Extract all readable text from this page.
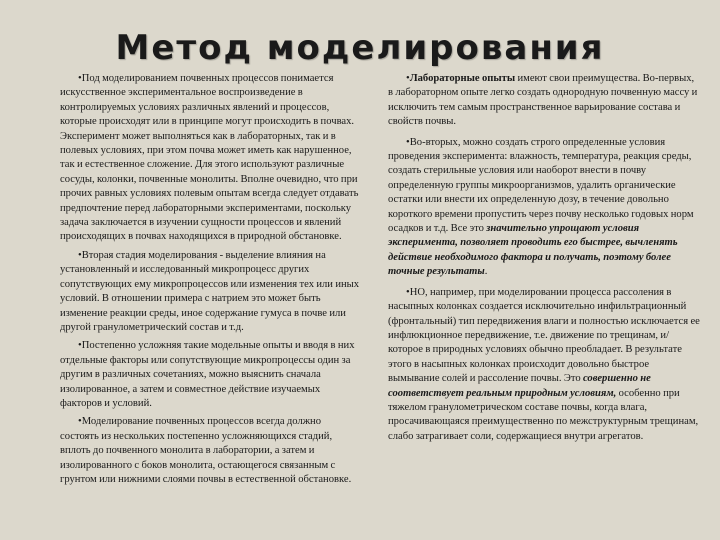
Метод моделирования

•Под моделированием почвенных процессов понимается искусственное экспериментальное воспроизведение в контролируемых условиях различных явлений и процессов, которые происходят или в принципе могут происходить в почвах. Эксперимент может выполняться как в лабораторных, так и в полевых условиях, при этом почва может иметь как нарушенное, так и естественное сложение. Для этого используют различные сосуды, колонки, почвенные монолиты. Вполне очевидно, что при прочих равных условиях полевым опытам всегда следует отдавать предпочтение перед лабораторными экспериментами, поскольку задача заключается в изучении сущности процессов и явлений происходящих в почвах находящихся в природной обстановке.

•Вторая стадия моделирования - выделение влияния на установленный и исследованный микропроцесс других сопутствующих ему микропроцессов или изменения тех или иных условий. В отношении примера с натрием это может быть изменение реакции среды, иное содержание гумуса в почве или другой гранулометрический состав и т.д.

•Постепенно усложняя такие модельные опыты и вводя в них отдельные факторы или сопутствующие микропроцессы один за другим в различных сочетаниях, можно выяснить сначала изолированное, а затем и совместное действие изучаемых факторов и условий.

•Моделирование почвенных процессов всегда должно состоять из нескольких постепенно усложняющихся стадий, вплоть до почвенного монолита в лаборатории, а затем и изолированного с боков монолита, остающегося связанным с грунтом или нижними слоями почвы в естественной обстановке.

•Лабораторные опыты имеют свои преимущества. Во-первых, в лабораторном опыте легко создать однородную почвенную массу и исключить тем самым пространственное варьирование состава и свойств почвы.

•Во-вторых, можно создать строго определенные условия проведения эксперимента: влажность, температура, реакция среды, создать стерильные условия или наоборот внести в почву определенную группы микроорганизмов, удалить органические остатки или внести их определенную дозу, в течение довольно короткого времени пропустить через почву несколько годовых норм осадков и т.д. Все это значительно упрощают условия эксперимента, позволяет проводить его быстрее, вычленять действие необходимого фактора и получать, поэтому более точные результаты.

•НО, например, при моделировании процесса рассоления в насыпных колонках создается исключительно инфильтрационный (фронтальный) тип передвижения влаги и полностью исключается ее инфлюкционное передвижение, т.е. движение по трещинам, и/которое в природных условиях обычно преобладает. В результате этого в насыпных колонках происходит довольно быстрое вымывание солей и рассоление почвы. Это совершенно не соответствует реальным природным условиям, особенно при тяжелом гранулометрическом составе почвы, когда влага, просачивающаяся преимущественно по межструктурным трещинам, слабо затрагивает соли, содержащиеся внутри агрегатов.
